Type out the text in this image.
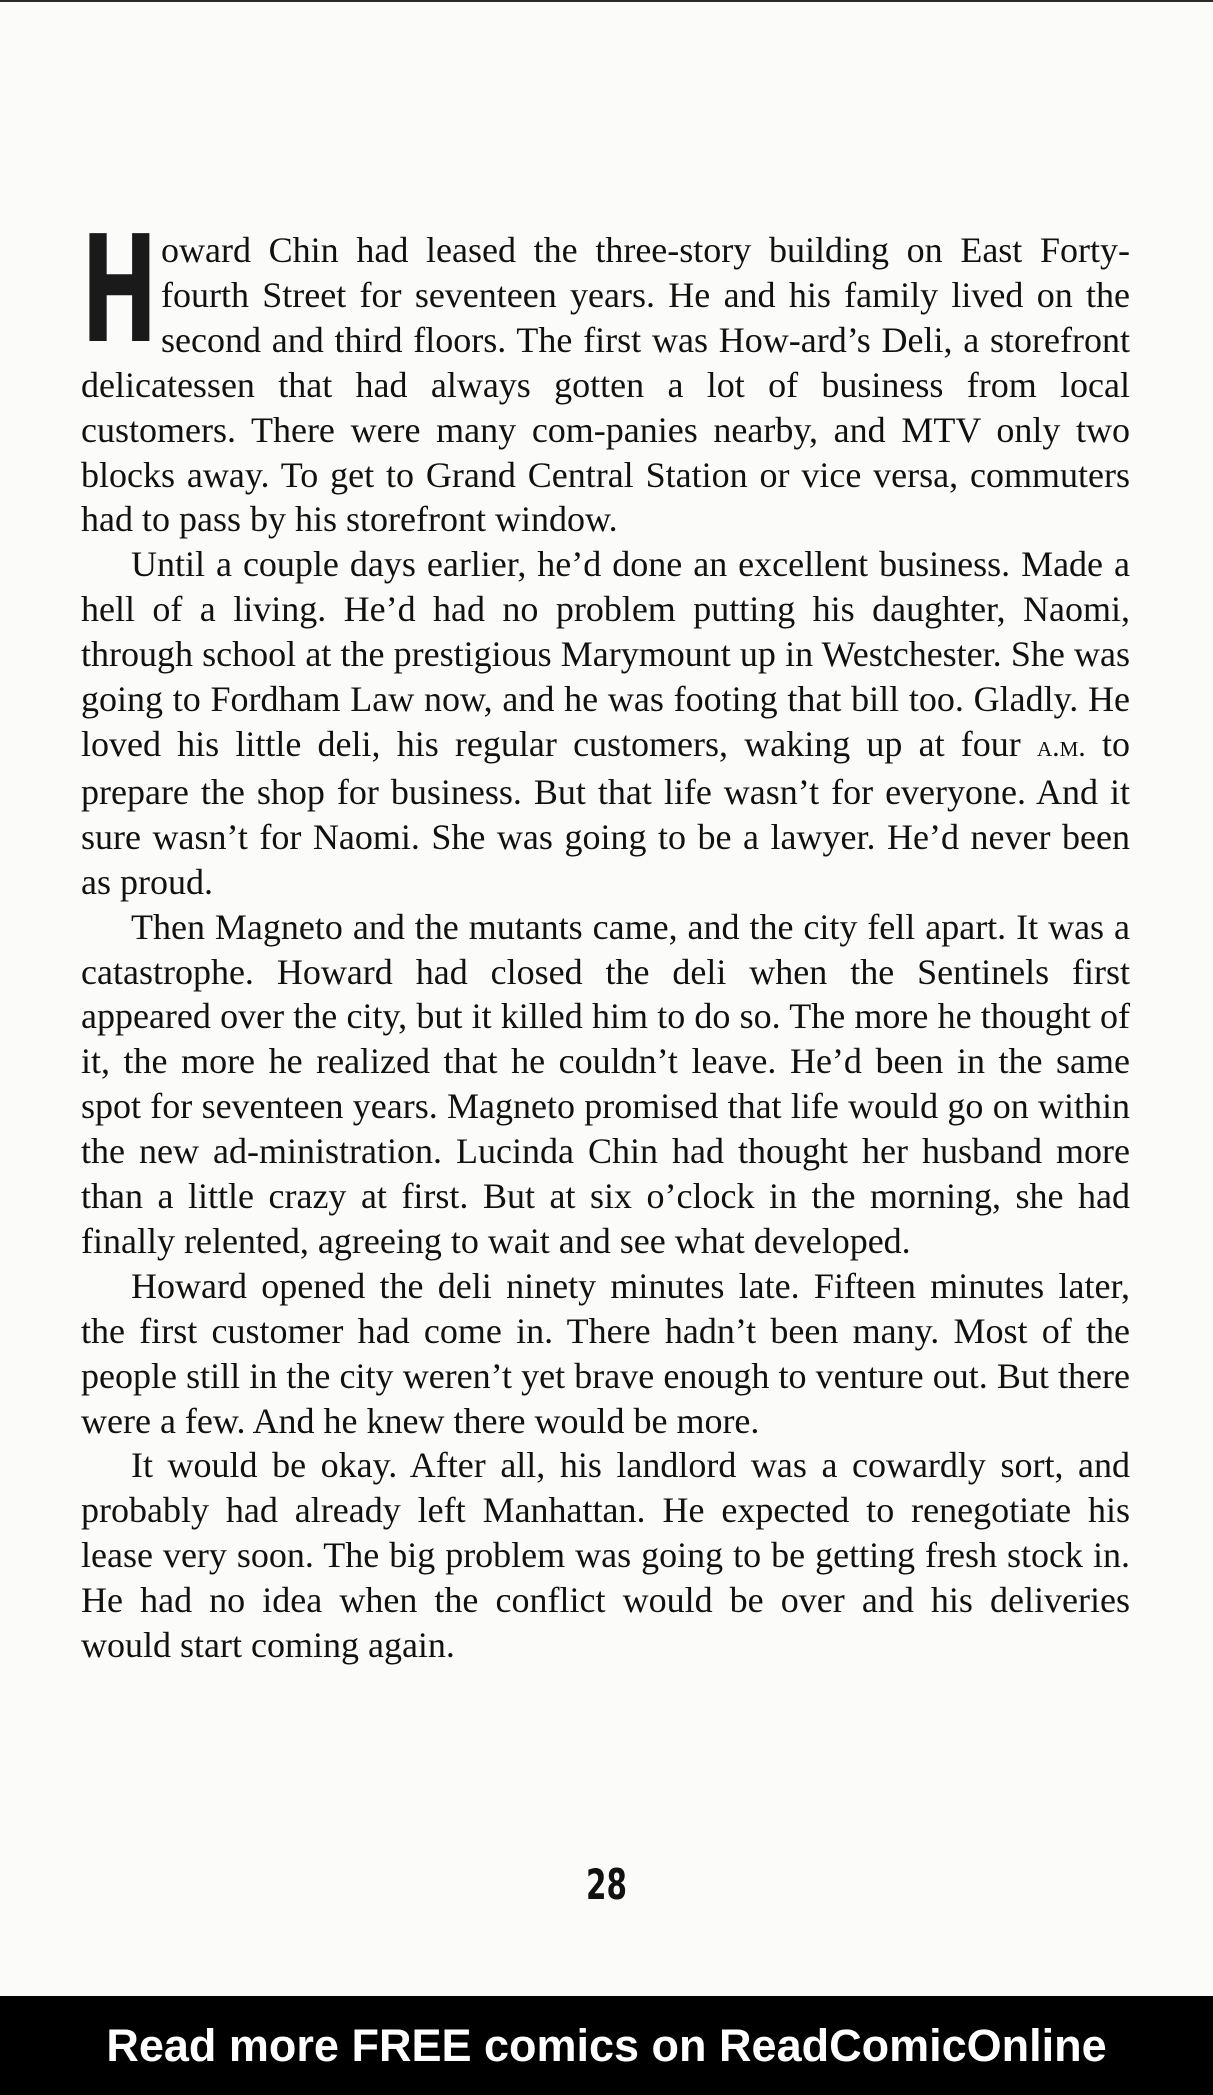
Howard Chin had leased the three-story building on East Forty-fourth Street for seventeen years. He and his family lived on the second and third floors. The first was How-ard’s Deli, a storefront delicatessen that had always gotten a lot of business from local customers. There were many com-panies nearby, and MTV only two blocks away. To get to Grand Central Station or vice versa, commuters had to pass by his storefront window.

Until a couple days earlier, he’d done an excellent business. Made a hell of a living. He’d had no problem putting his daughter, Naomi, through school at the prestigious Marymount up in Westchester. She was going to Fordham Law now, and he was footing that bill too. Gladly. He loved his little deli, his regular customers, waking up at four a.m. to prepare the shop for business. But that life wasn’t for everyone. And it sure wasn’t for Naomi. She was going to be a lawyer. He’d never been as proud.

Then Magneto and the mutants came, and the city fell apart. It was a catastrophe. Howard had closed the deli when the Sentinels first appeared over the city, but it killed him to do so. The more he thought of it, the more he realized that he couldn’t leave. He’d been in the same spot for seventeen years. Magneto promised that life would go on within the new ad-ministration. Lucinda Chin had thought her husband more than a little crazy at first. But at six o’clock in the morning, she had finally relented, agreeing to wait and see what developed.

Howard opened the deli ninety minutes late. Fifteen minutes later, the first customer had come in. There hadn’t been many. Most of the people still in the city weren’t yet brave enough to venture out. But there were a few. And he knew there would be more.

It would be okay. After all, his landlord was a cowardly sort, and probably had already left Manhattan. He expected to renegotiate his lease very soon. The big problem was going to be getting fresh stock in. He had no idea when the conflict would be over and his deliveries would start coming again.

28
Read more FREE comics on ReadComicOnline
